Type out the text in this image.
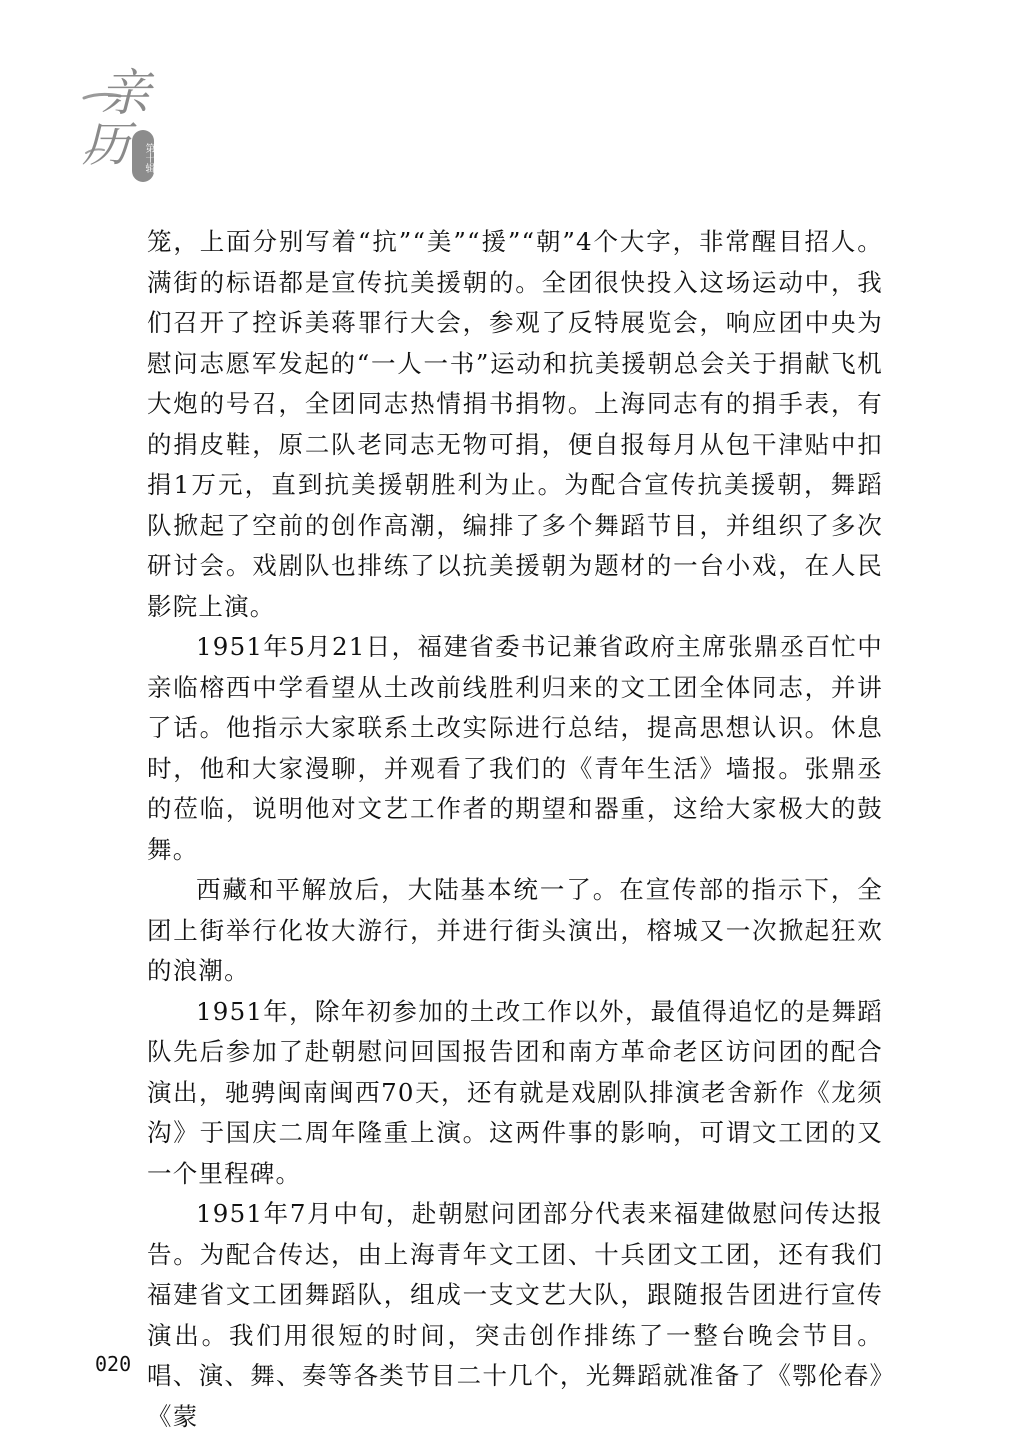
亲
历	第十辑

笼，上面分别写着“抗”“美”“援”“朝”4个大字，非常醒目招人。满街的标语都是宣传抗美援朝的。全团很快投入这场运动中，我们召开了控诉美蒋罪行大会，参观了反特展览会，响应团中央为慰问志愿军发起的“一人一书”运动和抗美援朝总会关于捐献飞机大炮的号召，全团同志热情捐书捐物。上海同志有的捐手表，有的捐皮鞋，原二队老同志无物可捐，便自报每月从包干津贴中扣捐1万元，直到抗美援朝胜利为止。为配合宣传抗美援朝，舞蹈队掀起了空前的创作高潮，编排了多个舞蹈节目，并组织了多次研讨会。戏剧队也排练了以抗美援朝为题材的一台小戏，在人民影院上演。

1951年5月21日，福建省委书记兼省政府主席张鼎丞百忙中亲临榕西中学看望从土改前线胜利归来的文工团全体同志，并讲了话。他指示大家联系土改实际进行总结，提高思想认识。休息时，他和大家漫聊，并观看了我们的《青年生活》墙报。张鼎丞的莅临，说明他对文艺工作者的期望和器重，这给大家极大的鼓舞。

西藏和平解放后，大陆基本统一了。在宣传部的指示下，全团上街举行化妆大游行，并进行街头演出，榕城又一次掀起狂欢的浪潮。

1951年，除年初参加的土改工作以外，最值得追忆的是舞蹈队先后参加了赴朝慰问回国报告团和南方革命老区访问团的配合演出，驰骋闽南闽西70天，还有就是戏剧队排演老舍新作《龙须沟》于国庆二周年隆重上演。这两件事的影响，可谓文工团的又一个里程碑。

1951年7月中旬，赴朝慰问团部分代表来福建做慰问传达报告。为配合传达，由上海青年文工团、十兵团文工团，还有我们福建省文工团舞蹈队，组成一支文艺大队，跟随报告团进行宣传演出。我们用很短的时间，突击创作排练了一整台晚会节目。唱、演、舞、奏等各类节目二十几个，光舞蹈就准备了《鄂伦春》《蒙

020
